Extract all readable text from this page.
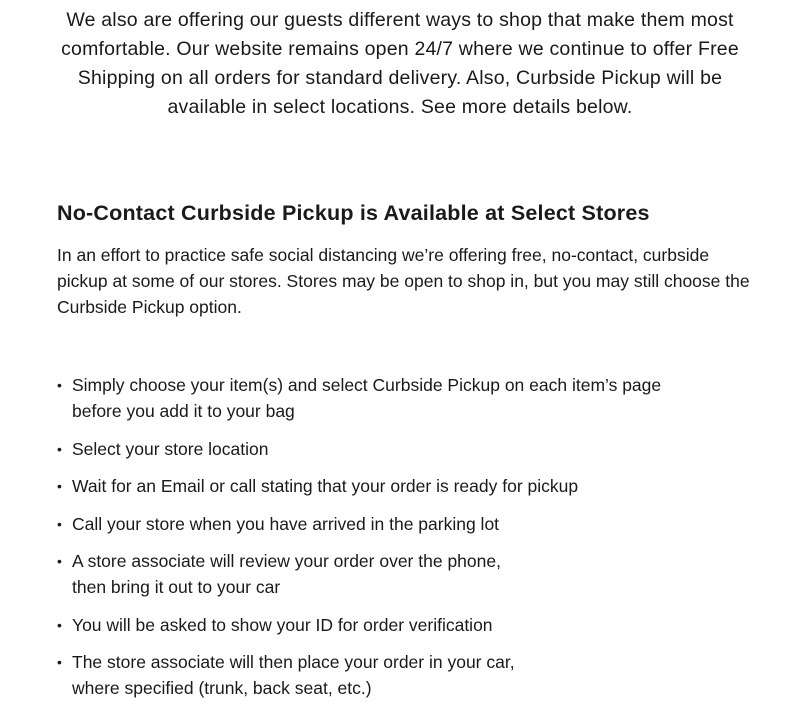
We also are offering our guests different ways to shop that make them most comfortable. Our website remains open 24/7 where we continue to offer Free Shipping on all orders for standard delivery. Also, Curbside Pickup will be available in select locations. See more details below.

No-Contact Curbside Pickup is Available at Select Stores

In an effort to practice safe social distancing we’re offering free, no-contact, curbside pickup at some of our stores. Stores may be open to shop in, but you may still choose the Curbside Pickup option.

• Simply choose your item(s) and select Curbside Pickup on each item’s page
before you add it to your bag
• Select your store location
• Wait for an Email or call stating that your order is ready for pickup
• Call your store when you have arrived in the parking lot
• A store associate will review your order over the phone,
then bring it out to your car
• You will be asked to show your ID for order verification
• The store associate will then place your order in your car,
where specified (trunk, back seat, etc.)
